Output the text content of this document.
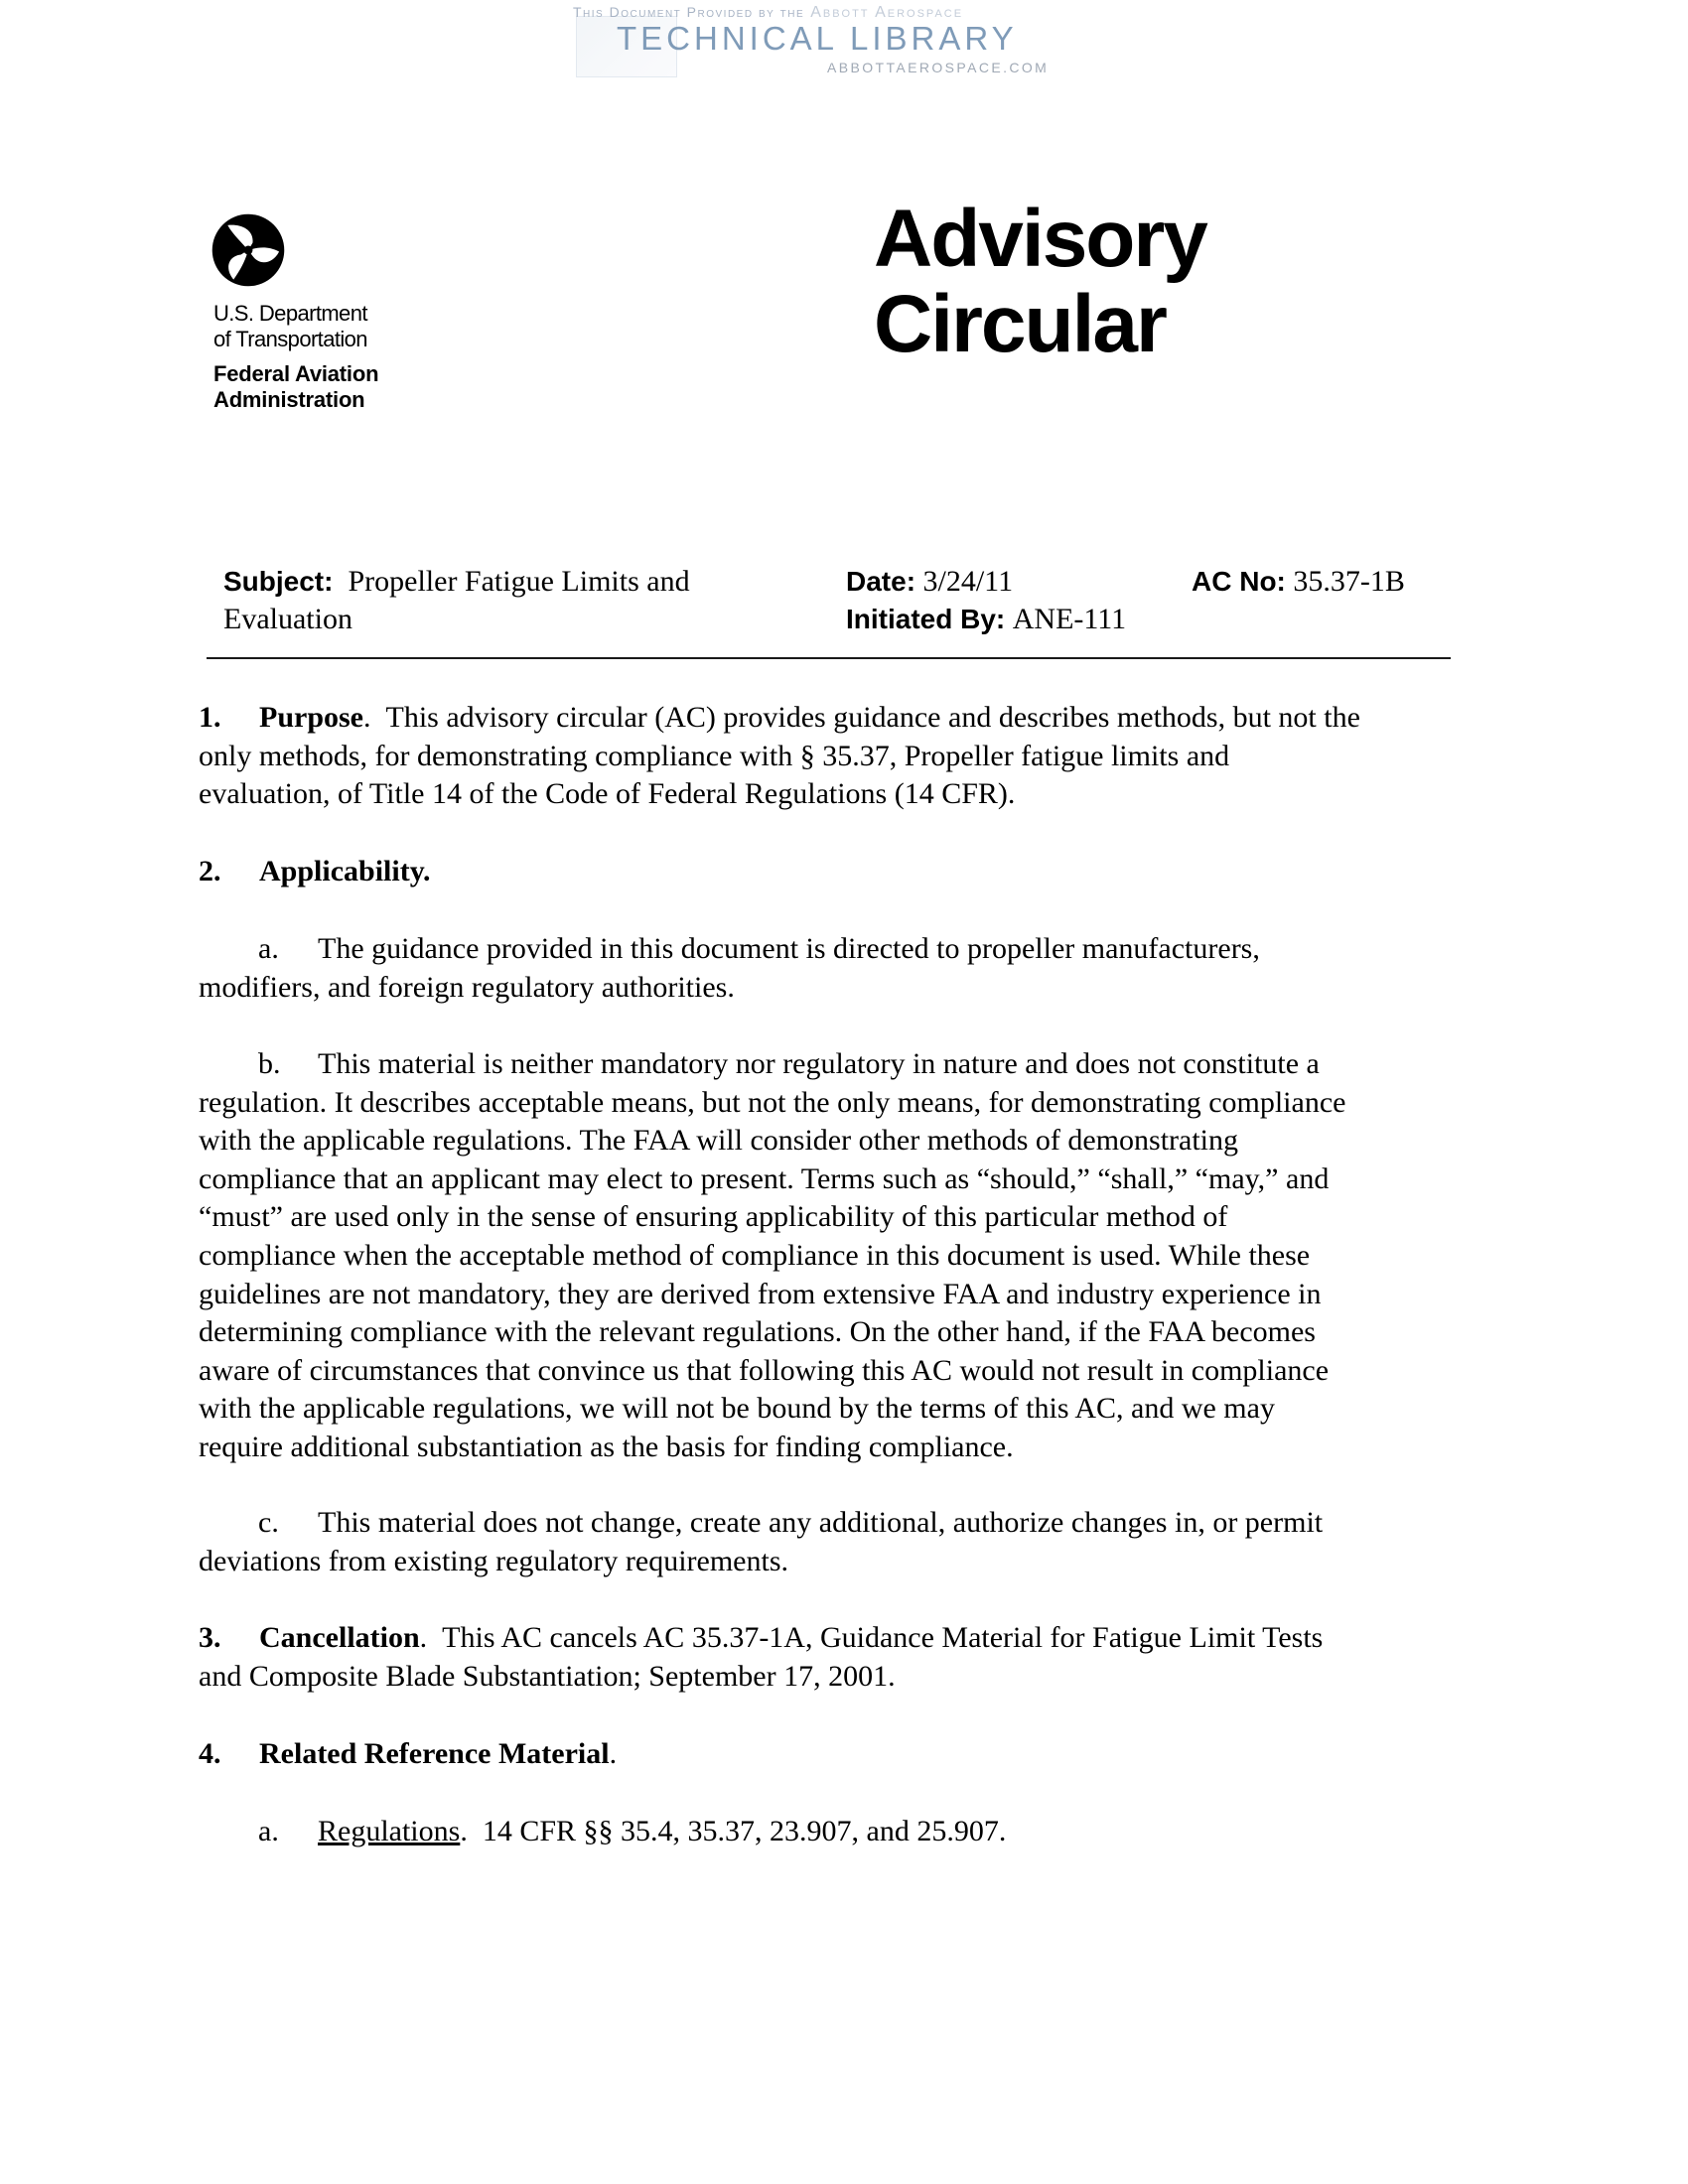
This Document Provided by the Abbott Aerospace
TECHNICAL LIBRARY
ABBOTTAEROSPACE.COM
U.S. Department
of Transportation
Federal Aviation
Administration
Advisory
Circular
Subject: Propeller Fatigue Limits and
Evaluation
Date: 3/24/11
Initiated By: ANE-111
AC No: 35.37-1B
1. Purpose. This advisory circular (AC) provides guidance and describes methods, but not the
only methods, for demonstrating compliance with § 35.37, Propeller fatigue limits and
evaluation, of Title 14 of the Code of Federal Regulations (14 CFR).
2. Applicability.
a. The guidance provided in this document is directed to propeller manufacturers,
modifiers, and foreign regulatory authorities.
b. This material is neither mandatory nor regulatory in nature and does not constitute a
regulation. It describes acceptable means, but not the only means, for demonstrating compliance
with the applicable regulations. The FAA will consider other methods of demonstrating
compliance that an applicant may elect to present. Terms such as “should,” “shall,” “may,” and
“must” are used only in the sense of ensuring applicability of this particular method of
compliance when the acceptable method of compliance in this document is used. While these
guidelines are not mandatory, they are derived from extensive FAA and industry experience in
determining compliance with the relevant regulations. On the other hand, if the FAA becomes
aware of circumstances that convince us that following this AC would not result in compliance
with the applicable regulations, we will not be bound by the terms of this AC, and we may
require additional substantiation as the basis for finding compliance.
c. This material does not change, create any additional, authorize changes in, or permit
deviations from existing regulatory requirements.
3. Cancellation. This AC cancels AC 35.37-1A, Guidance Material for Fatigue Limit Tests
and Composite Blade Substantiation; September 17, 2001.
4. Related Reference Material.
a. Regulations. 14 CFR §§ 35.4, 35.37, 23.907, and 25.907.
